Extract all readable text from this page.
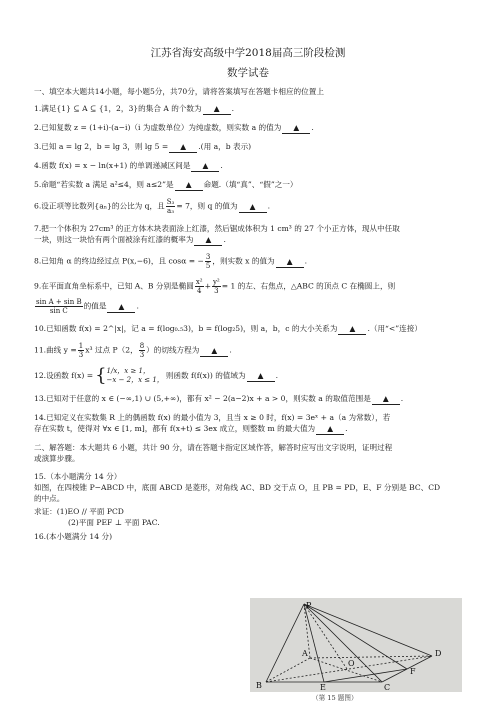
江苏省海安高级中学2018届高三阶段检测
数学试卷
一、填空本大题共14小题，每小题5分，共70分，请将答案填写在答题卡相应的位置上
1.满足{1} ⊆ A ⊆ {1，2，3}的集合 A 的个数为 ▲ .
2.已知复数 z = (1+i)·(a−i)（i 为虚数单位）为纯虚数，则实数 a 的值为 ▲ .
3.已知 a = lg 2，b = lg 3，则 lg 5 = ▲ .(用 a，b 表示)
4.函数 f(x) = x − ln(x+1) 的单调递减区间是 ▲ .
5.命题“若实数 a 满足 a²≤4，则 a≤2”是 ▲ 命题.（填“真”、“假”之一）
6.设正项等比数列{aₙ}的公比为 q，且 $\frac{\text{S₃}}{\text{a₃}} = 7$，则 q 的值为 ▲ .
7.把一个体积为 27cm³ 的正方体木块表面涂上红漆，然后锯成体积为 1 cm³ 的 27 个小正方体，现从中任取
一块，则这一块恰有两个面被涂有红漆的概率为 ▲ .
8.已知角 α 的终边经过点 P(x,−6)，且 cosα = − $\frac{3}{5}$ ，则实数 x 的值为 ▲ .
9.在平面直角坐标系中，已知 A、B 分别是椭圆 $\frac{\text{x²}}{4} + \frac{\text{y²}}{3} = 1$ 的左、右焦点，△ABC 的顶点 C 在椭圆上，则
$\frac{\text{sin A + sin B}}{\text{sin C}}$ 的值是 ▲ .
10.已知函数 f(x) = 2^|x|，记 a = f(log₀.₅3)，b = f(log₂5)，则 a，b，c 的大小关系为 ▲ .（用“<”连接）
11.曲线 $y = \frac{1}{3} x^3$ 过点 P（2， $\frac{8}{3}$ ）的切线方程为 ▲ .
12.设函数 f(x) = { 1/x，x ≥ 1，
−x − 2，x ≤ 1， 则函数 f(f(x)) 的值域为 ▲ .
13.已知对于任意的 x ∈ (−∞,1) ∪ (5,+∞)，都有 x² − 2(a−2)x + a > 0，则实数 a 的取值范围是 ▲ .
14.已知定义在实数集 R 上的偶函数 f(x) 的最小值为 3，且当 x ≥ 0 时，f(x) = 3eˣ + a（a 为常数），若
存在实数 t，使得对 ∀x ∈ [1, m]，都有 f(x+t) ≤ 3ex 成立，则整数 m 的最大值为 ▲ .
二、解答题：本大题共 6 小题，共计 90 分，请在答题卡指定区域作答，解答时应写出文字说明，证明过程
或演算步骤。
15.（本小题满分 14 分）
如图，在四棱锥 P−ABCD 中，底面 ABCD 是菱形，对角线 AC、BD 交于点 O，且 PB = PD，E、F 分别是 BC、CD
的中点。
求证：(1)EO // 平面 PCD
(2)平面 PEF ⊥ 平面 PAC.
16.(本小题满分 14 分)
P
A
B	C
D
E
F
O
（第 15 题图）
